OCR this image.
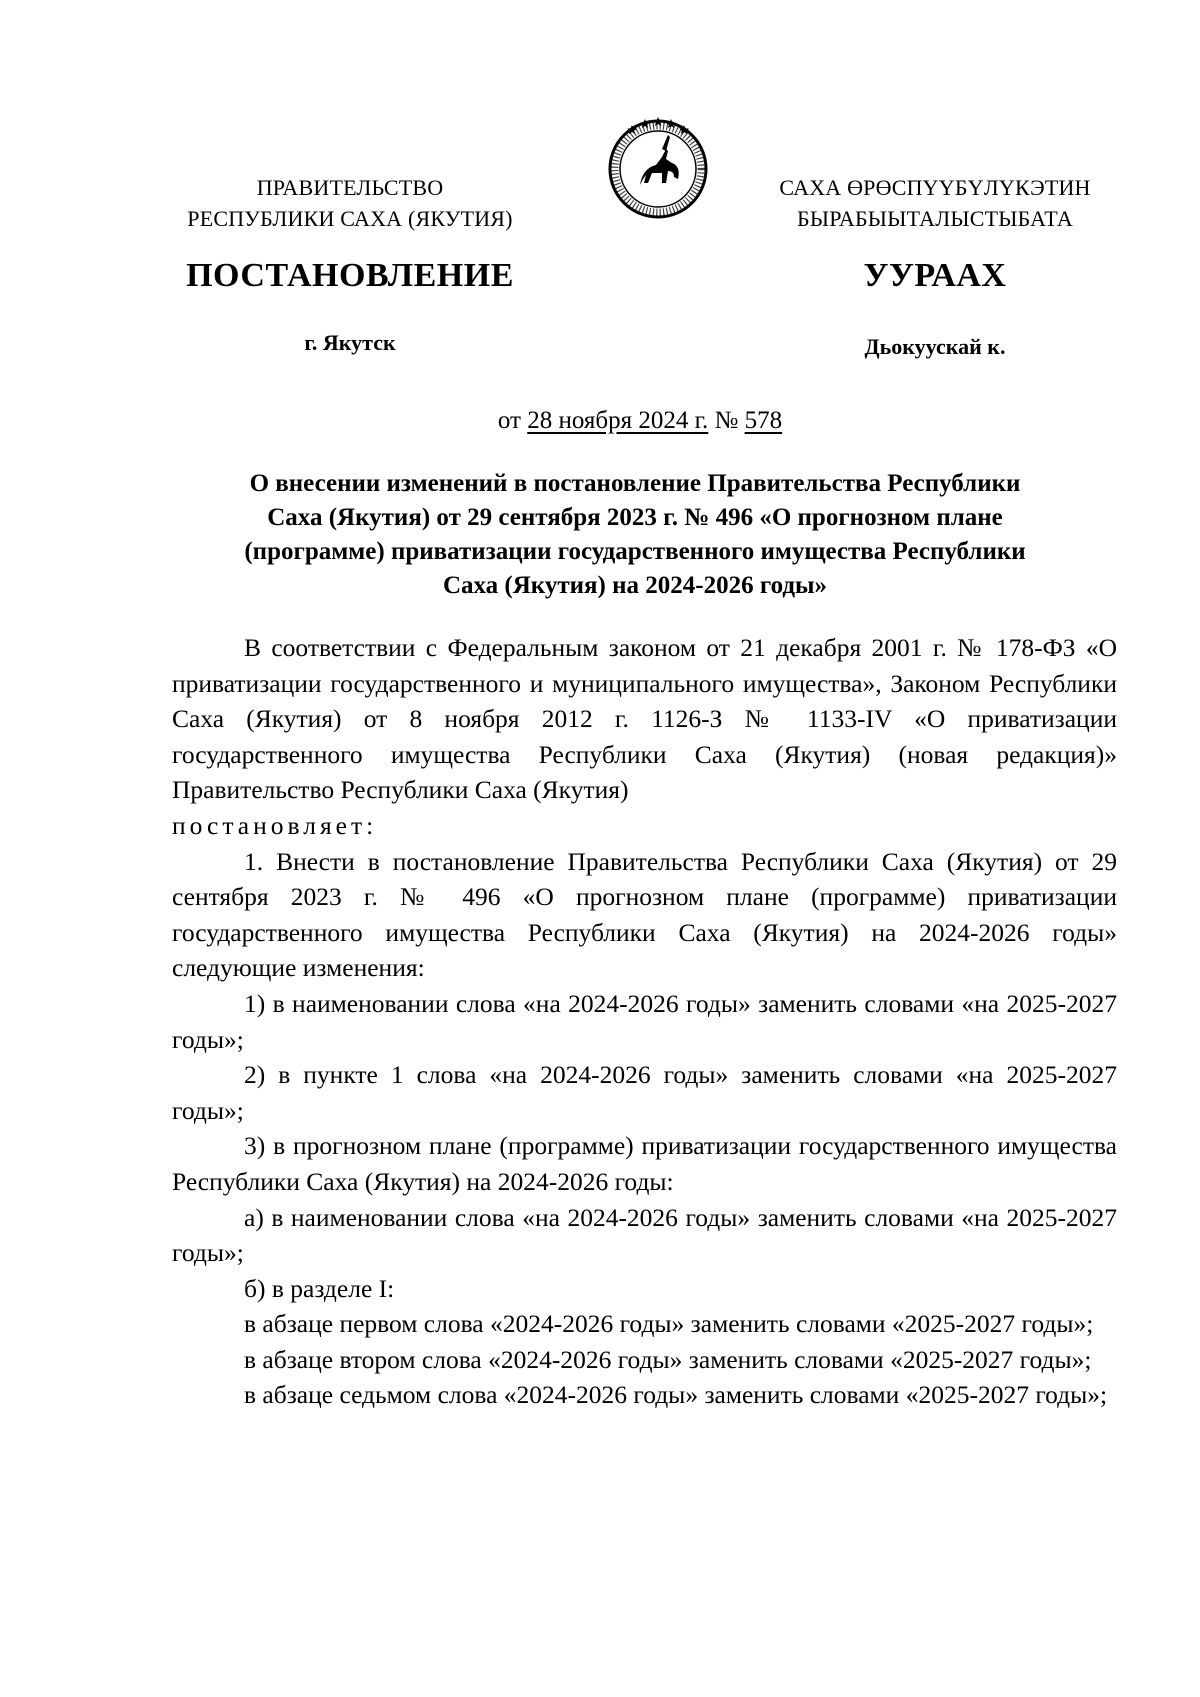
ПРАВИТЕЛЬСТВО
РЕСПУБЛИКИ САХА (ЯКУТИЯ)
САХА ӨРӨСПҮҮБҮЛҮКЭТИН
БЫРАБЫЫТАЛЫСТЫБАТА
ПОСТАНОВЛЕНИЕ	УУРААХ
г. Якутск	Дьокуускай к.
от 28 ноября 2024 г. № 578
О внесении изменений в постановление Правительства Республики
Саха (Якутия) от 29 сентября 2023 г. № 496 «О прогнозном плане
(программе) приватизации государственного имущества Республики
Саха (Якутия) на 2024-2026 годы»

В соответствии с Федеральным законом от 21 декабря 2001 г. № 178-ФЗ «О приватизации государственного и муниципального имущества», Законом Республики Саха (Якутия) от 8 ноября 2012 г. 1126-З № 1133-IV «О приватизации государственного имущества Республики Саха (Якутия) (новая редакция)» Правительство Республики Саха (Якутия)

постановляет:

1. Внести в постановление Правительства Республики Саха (Якутия) от 29 сентября 2023 г. № 496 «О прогнозном плане (программе) приватизации государственного имущества Республики Саха (Якутия) на 2024-2026 годы» следующие изменения:

1) в наименовании слова «на 2024-2026 годы» заменить словами «на 2025-2027 годы»;

2) в пункте 1 слова «на 2024-2026 годы» заменить словами «на 2025-2027 годы»;

3) в прогнозном плане (программе) приватизации государственного имущества Республики Саха (Якутия) на 2024-2026 годы:

а) в наименовании слова «на 2024-2026 годы» заменить словами «на 2025-2027 годы»;

б) в разделе I:

в абзаце первом слова «2024-2026 годы» заменить словами «2025-2027 годы»;

в абзаце втором слова «2024-2026 годы» заменить словами «2025-2027 годы»;

в абзаце седьмом слова «2024-2026 годы» заменить словами «2025-2027 годы»;
